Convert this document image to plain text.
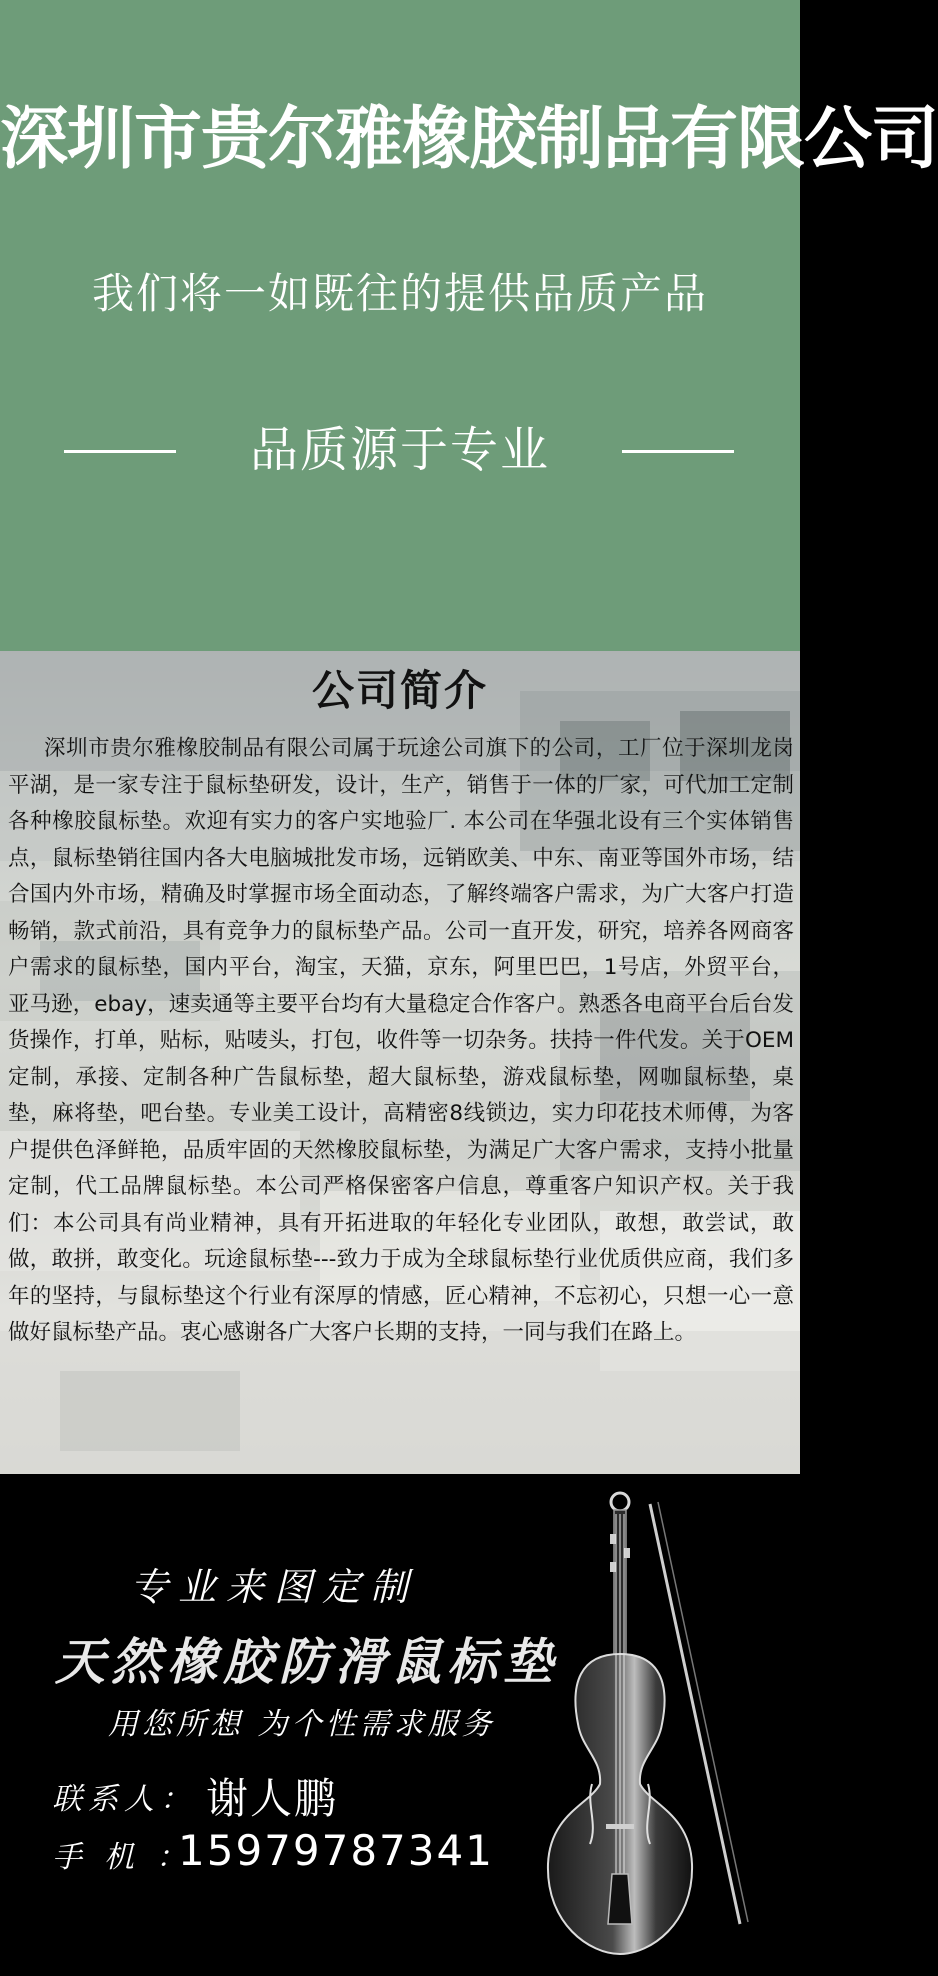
深圳市贵尔雅橡胶制品有限公司
我们将一如既往的提供品质产品
品质源于专业
公司简介
深圳市贵尔雅橡胶制品有限公司属于玩途公司旗下的公司，工厂位于深圳龙岗平湖，是一家专注于鼠标垫研发，设计，生产，销售于一体的厂家，可代加工定制各种橡胶鼠标垫。欢迎有实力的客户实地验厂. 本公司在华强北设有三个实体销售点，鼠标垫销往国内各大电脑城批发市场，远销欧美、中东、南亚等国外市场，结合国内外市场，精确及时掌握市场全面动态，了解终端客户需求，为广大客户打造畅销，款式前沿，具有竞争力的鼠标垫产品。公司一直开发，研究，培养各网商客户需求的鼠标垫，国内平台，淘宝，天猫，京东，阿里巴巴，1号店，外贸平台，亚马逊，ebay，速卖通等主要平台均有大量稳定合作客户。熟悉各电商平台后台发货操作，打单，贴标，贴唛头，打包，收件等一切杂务。扶持一件代发。关于OEM定制，承接、定制各种广告鼠标垫，超大鼠标垫，游戏鼠标垫，网咖鼠标垫，桌垫，麻将垫，吧台垫。专业美工设计，高精密8线锁边，实力印花技术师傅，为客户提供色泽鲜艳，品质牢固的天然橡胶鼠标垫，为满足广大客户需求，支持小批量定制，代工品牌鼠标垫。本公司严格保密客户信息，尊重客户知识产权。关于我们：本公司具有尚业精神，具有开拓进取的年轻化专业团队，敢想，敢尝试，敢做，敢拼，敢变化。玩途鼠标垫---致力于成为全球鼠标垫行业优质供应商，我们多年的坚持，与鼠标垫这个行业有深厚的情感，匠心精神，不忘初心，只想一心一意做好鼠标垫产品。衷心感谢各广大客户长期的支持，一同与我们在路上。
专业来图定制
天然橡胶防滑鼠标垫
用您所想 为个性需求服务
联系人： 谢人鹏
手机：
15979787341
